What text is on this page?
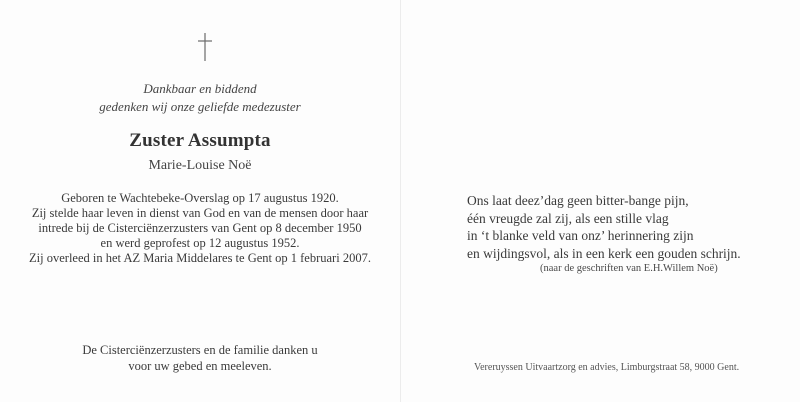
Dankbaar en biddend
gedenken wij onze geliefde medezuster
Zuster Assumpta
Marie-Louise Noë
Geboren te Wachtebeke-Overslag op 17 augustus 1920.
Zij stelde haar leven in dienst van God en van de mensen door haar
intrede bij de Cisterciënzerzusters van Gent op 8 december 1950
en werd geprofest op 12 augustus 1952.
Zij overleed in het AZ Maria Middelares te Gent op 1 februari 2007.
De Cisterciënzerzusters en de familie danken u
voor uw gebed en meeleven.
Ons laat deez’dag geen bitter-bange pijn,
één vreugde zal zij, als een stille vlag
in ‘t blanke veld van onz’ herinnering zijn
en wijdingsvol, als in een kerk een gouden schrijn.
(naar de geschriften van E.H.Willem Noë)
Vereruyssen Uitvaartzorg en advies, Limburgstraat 58, 9000 Gent.
